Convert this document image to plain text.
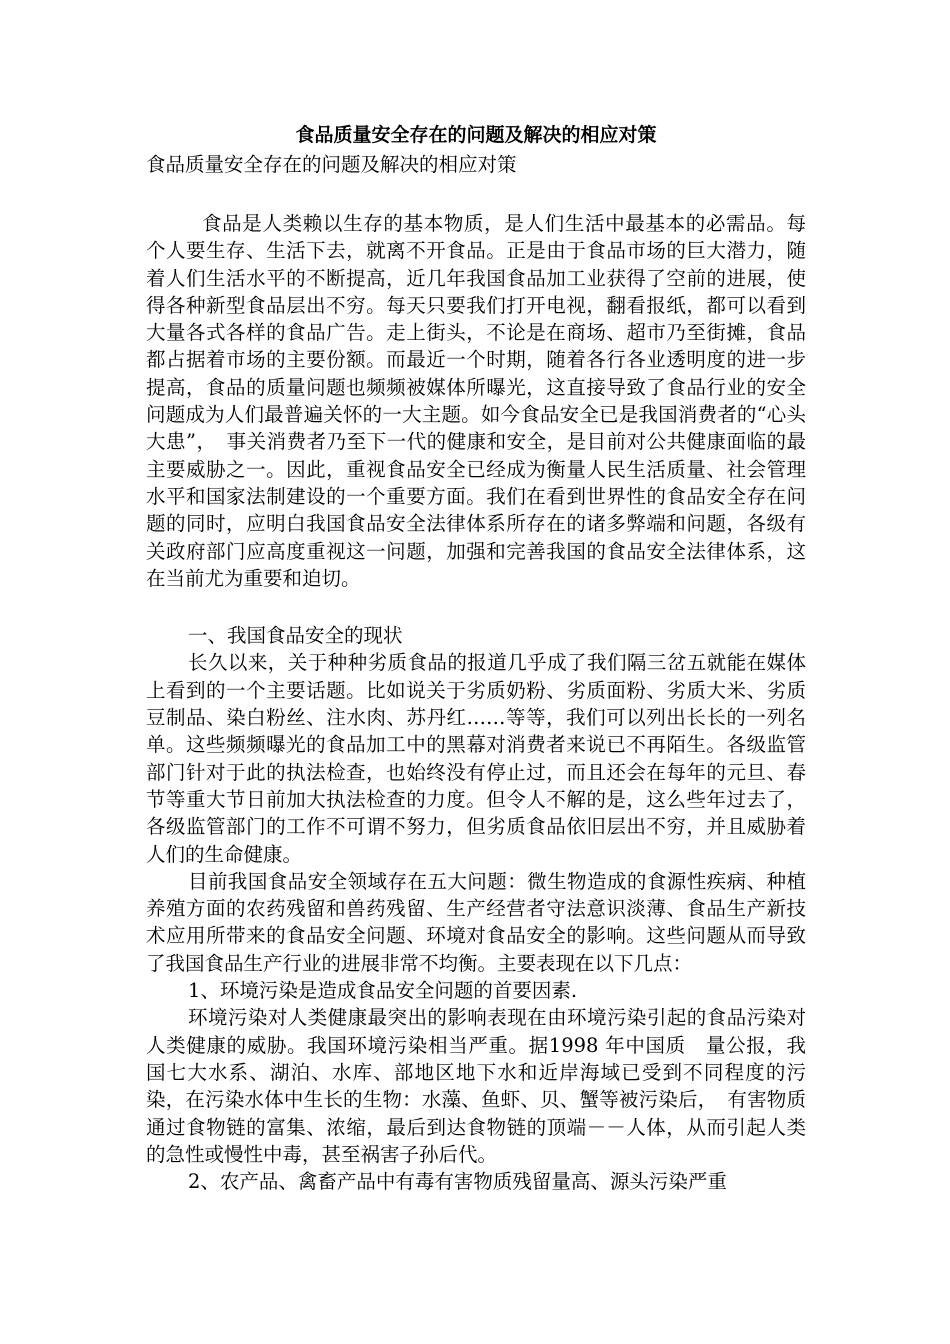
食品质量安全存在的问题及解决的相应对策

食品质量安全存在的问题及解决的相应对策

食品是人类赖以生存的基本物质，是人们生活中最基本的必需品。每个人要生存、生活下去，就离不开食品。正是由于食品市场的巨大潜力，随着人们生活水平的不断提高，近几年我国食品加工业获得了空前的进展，使得各种新型食品层出不穷。每天只要我们打开电视，翻看报纸，都可以看到大量各式各样的食品广告。走上街头，不论是在商场、超市乃至街摊，食品都占据着市场的主要份额。而最近一个时期，随着各行各业透明度的进一步提高，食品的质量问题也频频被媒体所曝光，这直接导致了食品行业的安全问题成为人们最普遍关怀的一大主题。如今食品安全已是我国消费者的“心头大患”，　事关消费者乃至下一代的健康和安全，是目前对公共健康面临的最主要威胁之一。因此，重视食品安全已经成为衡量人民生活质量、社会管理水平和国家法制建设的一个重要方面。我们在看到世界性的食品安全存在问题的同时，应明白我国食品安全法律体系所存在的诸多弊端和问题，各级有关政府部门应高度重视这一问题，加强和完善我国的食品安全法律体系，这在当前尤为重要和迫切。

一、我国食品安全的现状

长久以来，关于种种劣质食品的报道几乎成了我们隔三岔五就能在媒体上看到的一个主要话题。比如说关于劣质奶粉、劣质面粉、劣质大米、劣质豆制品、染白粉丝、注水肉、苏丹红……等等，我们可以列出长长的一列名单。这些频频曝光的食品加工中的黑幕对消费者来说已不再陌生。各级监管部门针对于此的执法检查，也始终没有停止过，而且还会在每年的元旦、春节等重大节日前加大执法检查的力度。但令人不解的是，这么些年过去了，各级监管部门的工作不可谓不努力，但劣质食品依旧层出不穷，并且威胁着人们的生命健康。

目前我国食品安全领域存在五大问题：微生物造成的食源性疾病、种植养殖方面的农药残留和兽药残留、生产经营者守法意识淡薄、食品生产新技术应用所带来的食品安全问题、环境对食品安全的影响。这些问题从而导致了我国食品生产行业的进展非常不均衡。主要表现在以下几点：

1、环境污染是造成食品安全问题的首要因素.

环境污染对人类健康最突出的影响表现在由环境污染引起的食品污染对人类健康的威胁。我国环境污染相当严重。据1998 年中国质　量公报，我国七大水系、湖泊、水库、部地区地下水和近岸海域已受到不同程度的污染，在污染水体中生长的生物：水藻、鱼虾、贝、蟹等被污染后，　有害物质通过食物链的富集、浓缩，最后到达食物链的顶端－－人体，从而引起人类的急性或慢性中毒，甚至祸害子孙后代。

2、农产品、禽畜产品中有毒有害物质残留量高、源头污染严重
